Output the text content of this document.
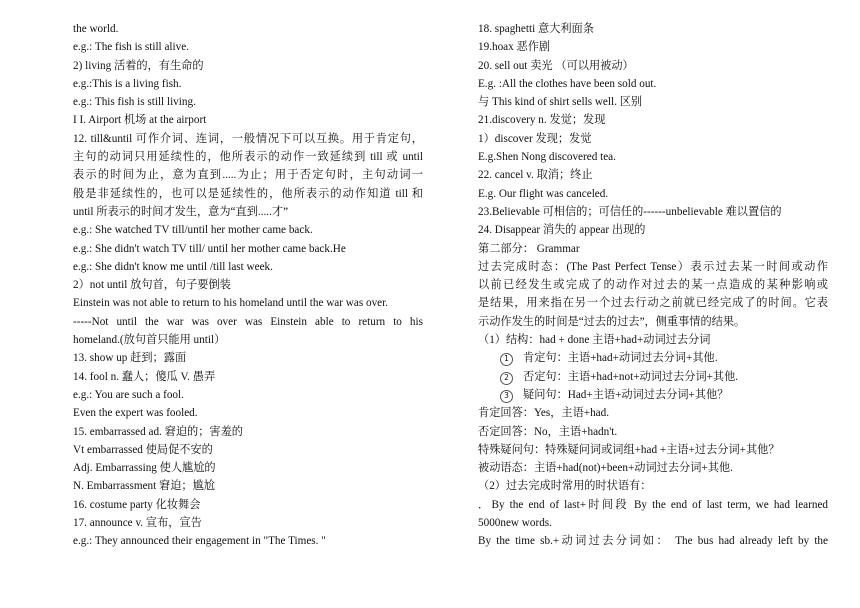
the world.
e.g.: The fish is still alive.
2) living 活着的，有生命的
e.g.:This is a living fish.
e.g.: This fish is still living.
I I. Airport 机场 at the airport
12. till&until 可作介词、连词，一般情况下可以互换。用于肯定句，
主句的动词只用延续性的，他所表示的动作一致延续到 till 或 until
表示的时间为止，意为直到.....为止；用于否定句时，主句动词一
般是非延续性的，也可以是延续性的，他所表示的动作知道 till 和
until 所表示的时间才发生，意为“直到.....才”
e.g.: She watched TV till/until her mother came back.
e.g.: She didn't watch TV till/ until her mother came back.He
e.g.: She didn't know me until /till last week.
2）not until 放句首，句子要倒装
Einstein was not able to return to his homeland until the war was over.
-----Not until the war was over was Einstein able to return to his
homeland.(放句首只能用 until）
13. show up 赶到；露面
14. fool n. 蠢人；傻瓜 V. 愚弄
e.g.: You are such a fool.
Even the expert was fooled.
15. embarrassed ad. 窘迫的；害羞的
Vt embarrassed 使局促不安的
Adj. Embarrassing 使人尴尬的
N. Embarrassment 窘迫；尴尬
16. costume party 化妆舞会
17. announce v. 宣布，宣告
e.g.: They announced their engagement in "The Times. "
18. spaghetti 意大利面条
19.hoax 恶作剧
20. sell out 卖光 （可以用被动）
E.g. :All the clothes have been sold out.
与 This kind of shirt sells well. 区别
21.discovery n. 发觉；发现
1）discover 发现；发觉
E.g.Shen Nong discovered tea.
22. cancel v. 取消；终止
E.g. Our flight was canceled.
23.Believable 可相信的；可信任的------unbelievable 难以置信的
24. Disappear 消失的 appear 出现的
第二部分： Grammar
过去完成时态：(The Past Perfect Tense）表示过去某一时间或动作
以前已经发生或完成了的动作对过去的某一点造成的某种影响或
是结果，用来指在另一个过去行动之前就已经完成了的时间。它表
示动作发生的时间是“过去的过去”，侧重事情的结果。
（1）结构：had + done 主语+had+动词过去分词
1 肯定句：主语+had+动词过去分词+其他.
2 否定句：主语+had+not+动词过去分词+其他.
3 疑问句：Had+主语+动词过去分词+其他？
肯定回答：Yes，主语+had.
否定回答：No，主语+hadn't.
特殊疑问句：特殊疑问词或词组+had +主语+过去分词+其他？
被动语态：主语+had(not)+been+动词过去分词+其他.
（2）过去完成时常用的时状语有：
．By the end of last+时间段 By the end of last term, we had learned
5000new words.
By the time sb.+动词过去分词如： The bus had already left by the
